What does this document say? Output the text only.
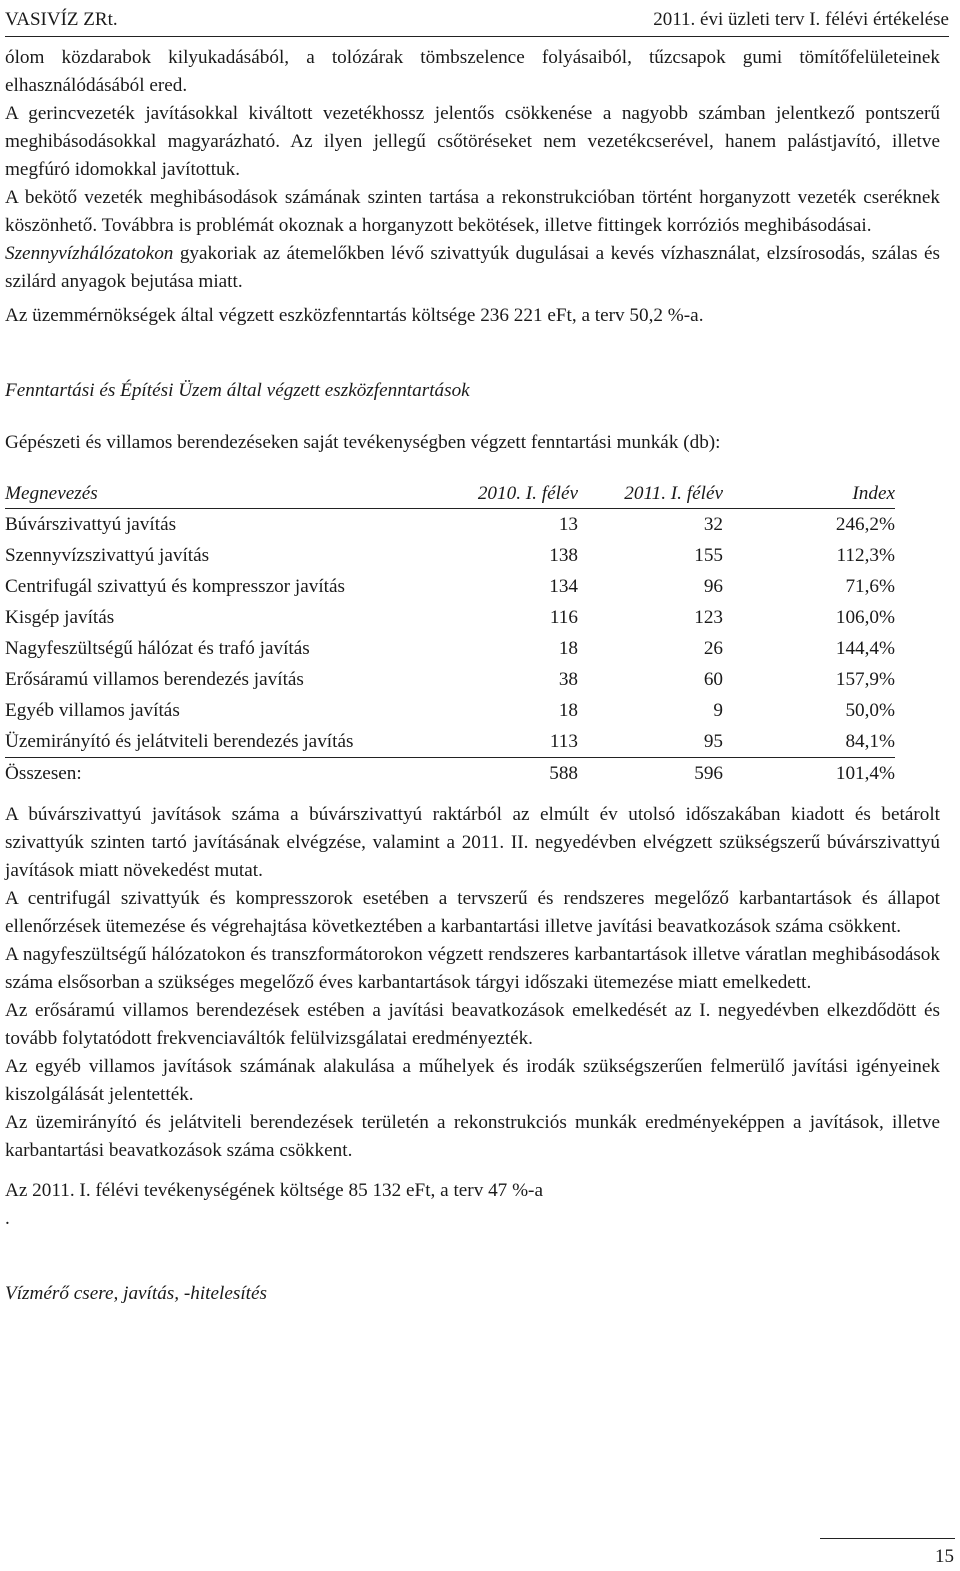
VASIVÍZ ZRt.	2011. évi üzleti terv I. félévi értékelése

ólom közdarabok kilyukadásából, a tolózárak tömbszelence folyásaiból, tűzcsapok gumi tömítőfelületeinek elhasználódásából ered.

A gerincvezeték javításokkal kiváltott vezetékhossz jelentős csökkenése a nagyobb számban jelentkező pontszerű meghibásodásokkal magyarázható. Az ilyen jellegű csőtöréseket nem vezetékcserével, hanem palástjavító, illetve megfúró idomokkal javítottuk.

A bekötő vezeték meghibásodások számának szinten tartása a rekonstrukcióban történt horganyzott vezeték cseréknek köszönhető. Továbbra is problémát okoznak a horganyzott bekötések, illetve fittingek korróziós meghibásodásai.

Szennyvízhálózatokon gyakoriak az átemelőkben lévő szivattyúk dugulásai a kevés vízhasználat, elzsírosodás, szálas és szilárd anyagok bejutása miatt.

Az üzemmérnökségek által végzett eszközfenntartás költsége 236 221 eFt, a terv 50,2 %-a.

Fenntartási és Építési Üzem által végzett eszközfenntartások

Gépészeti és villamos berendezéseken saját tevékenységben végzett fenntartási munkák (db):

Megnevezés	2010. I. félév	2011. I. félév	Index
Búvárszivattyú javítás	13	32	246,2%
Szennyvízszivattyú javítás	138	155	112,3%
Centrifugál szivattyú és kompresszor javítás	134	96	71,6%
Kisgép javítás	116	123	106,0%
Nagyfeszültségű hálózat és trafó javítás	18	26	144,4%
Erősáramú villamos berendezés javítás	38	60	157,9%
Egyéb villamos javítás	18	9	50,0%
Üzemirányító és jelátviteli berendezés javítás	113	95	84,1%
Összesen:	588	596	101,4%

A búvárszivattyú javítások száma a búvárszivattyú raktárból az elmúlt év utolsó időszakában kiadott és betárolt szivattyúk szinten tartó javításának elvégzése, valamint a 2011. II. negyedévben elvégzett szükségszerű búvárszivattyú javítások miatt növekedést mutat.

A centrifugál szivattyúk és kompresszorok esetében a tervszerű és rendszeres megelőző karbantartások és állapot ellenőrzések ütemezése és végrehajtása következtében a karbantartási illetve javítási beavatkozások száma csökkent.

A nagyfeszültségű hálózatokon és transzformátorokon végzett rendszeres karbantartások illetve váratlan meghibásodások száma elsősorban a szükséges megelőző éves karbantartások tárgyi időszaki ütemezése miatt emelkedett.

Az erősáramú villamos berendezések estében a javítási beavatkozások emelkedését az I. negyedévben elkezdődött és tovább folytatódott frekvenciaváltók felülvizsgálatai eredményezték.

Az egyéb villamos javítások számának alakulása a műhelyek és irodák szükségszerűen felmerülő javítási igényeinek kiszolgálását jelentették.

Az üzemirányító és jelátviteli berendezések területén a rekonstrukciós munkák eredményeképpen a javítások, illetve karbantartási beavatkozások száma csökkent.

Az 2011. I. félévi tevékenységének költsége 85 132 eFt, a terv 47 %-a

.

Vízmérő csere, javítás, -hitelesítés

15
